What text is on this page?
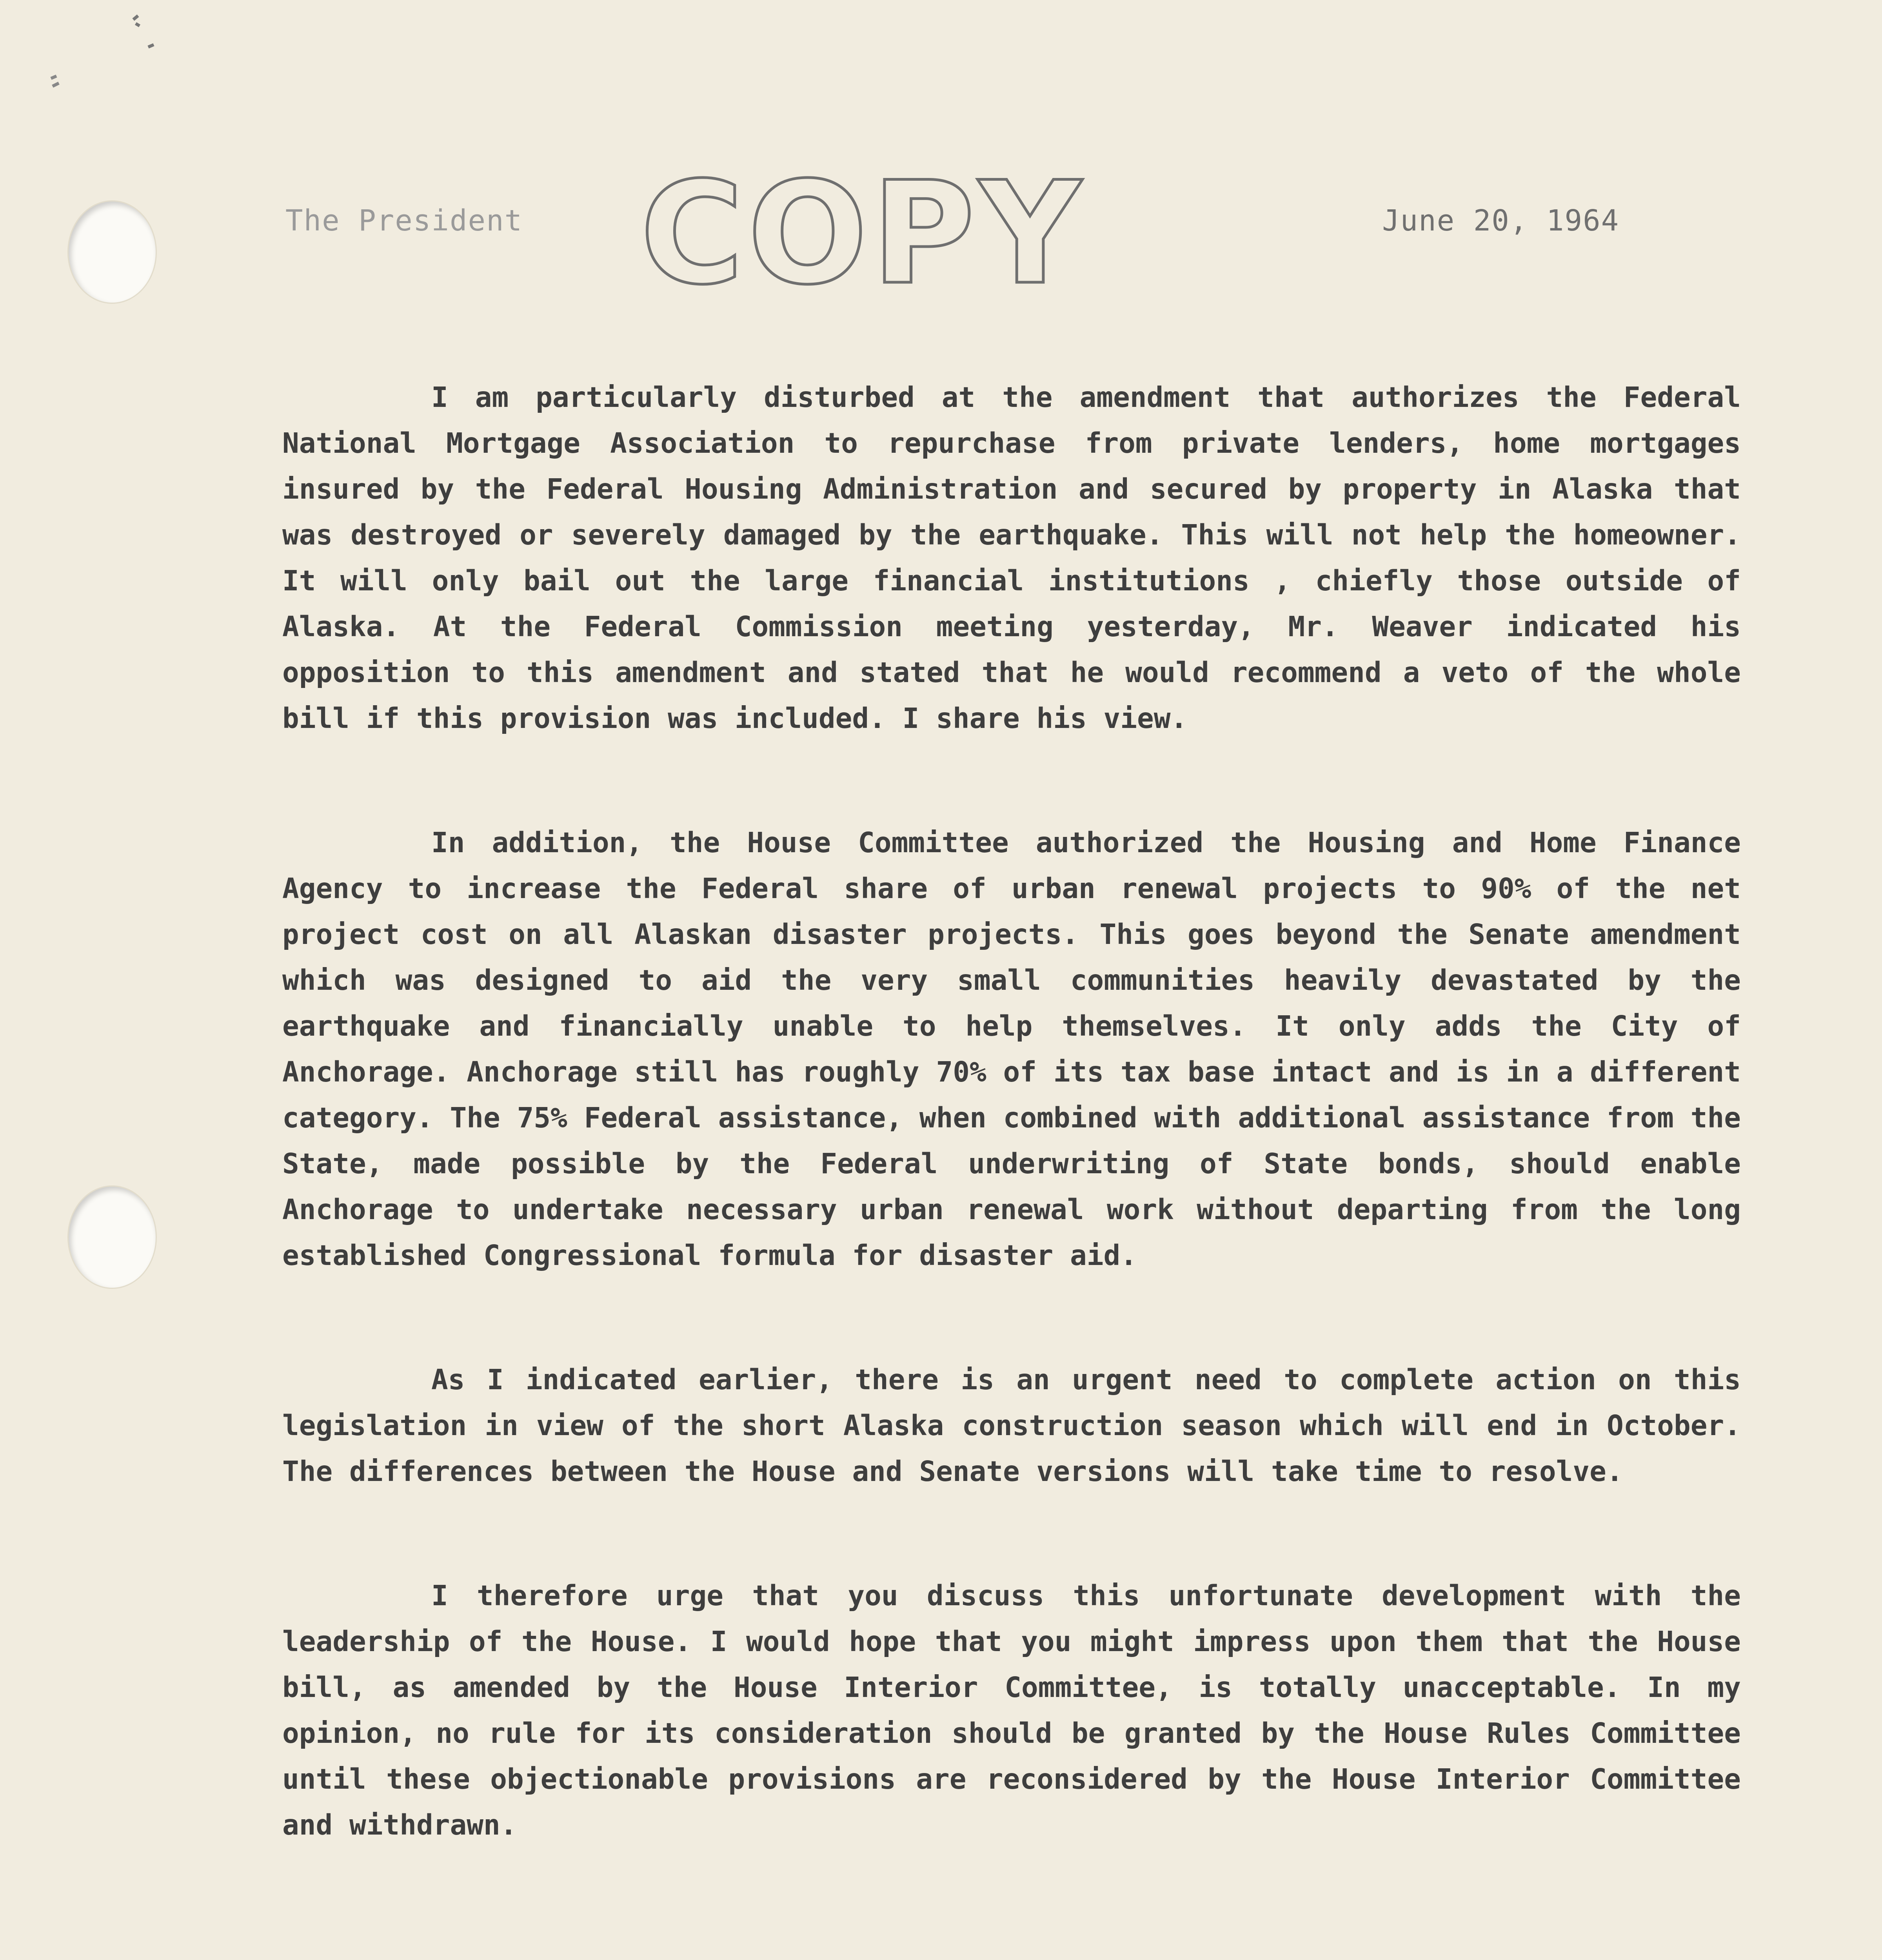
The President COPY	June 20, 1964

I am particularly disturbed at the amendment that authorizes the Federal National Mortgage Association to repurchase from private lenders, home mortgages insured by the Federal Housing Administration and secured by property in Alaska that was destroyed or severely damaged by the earthquake. This will not help the homeowner. It will only bail out the large financial institutions , chiefly those outside of Alaska. At the Federal Commission meeting yesterday, Mr. Weaver indicated his opposition to this amendment and stated that he would recommend a veto of the whole bill if this provision was included. I share his view.

In addition, the House Committee authorized the Housing and Home Finance Agency to increase the Federal share of urban renewal projects to 90% of the net project cost on all Alaskan disaster projects. This goes beyond the Senate amendment which was designed to aid the very small communities heavily devastated by the earthquake and financially unable to help themselves. It only adds the City of Anchorage. Anchorage still has roughly 70% of its tax base intact and is in a different category. The 75% Federal assistance, when combined with additional assistance from the State, made possible by the Federal underwriting of State bonds, should enable Anchorage to undertake necessary urban renewal work without departing from the long established Congressional formula for disaster aid.

As I indicated earlier, there is an urgent need to complete action on this legislation in view of the short Alaska construction season which will end in October. The differences between the House and Senate versions will take time to resolve.

I therefore urge that you discuss this unfortunate development with the leadership of the House. I would hope that you might impress upon them that the House bill, as amended by the House Interior Committee, is totally unacceptable. In my opinion, no rule for its consideration should be granted by the House Rules Committee until these objectionable provisions are reconsidered by the House Interior Committee and withdrawn.
